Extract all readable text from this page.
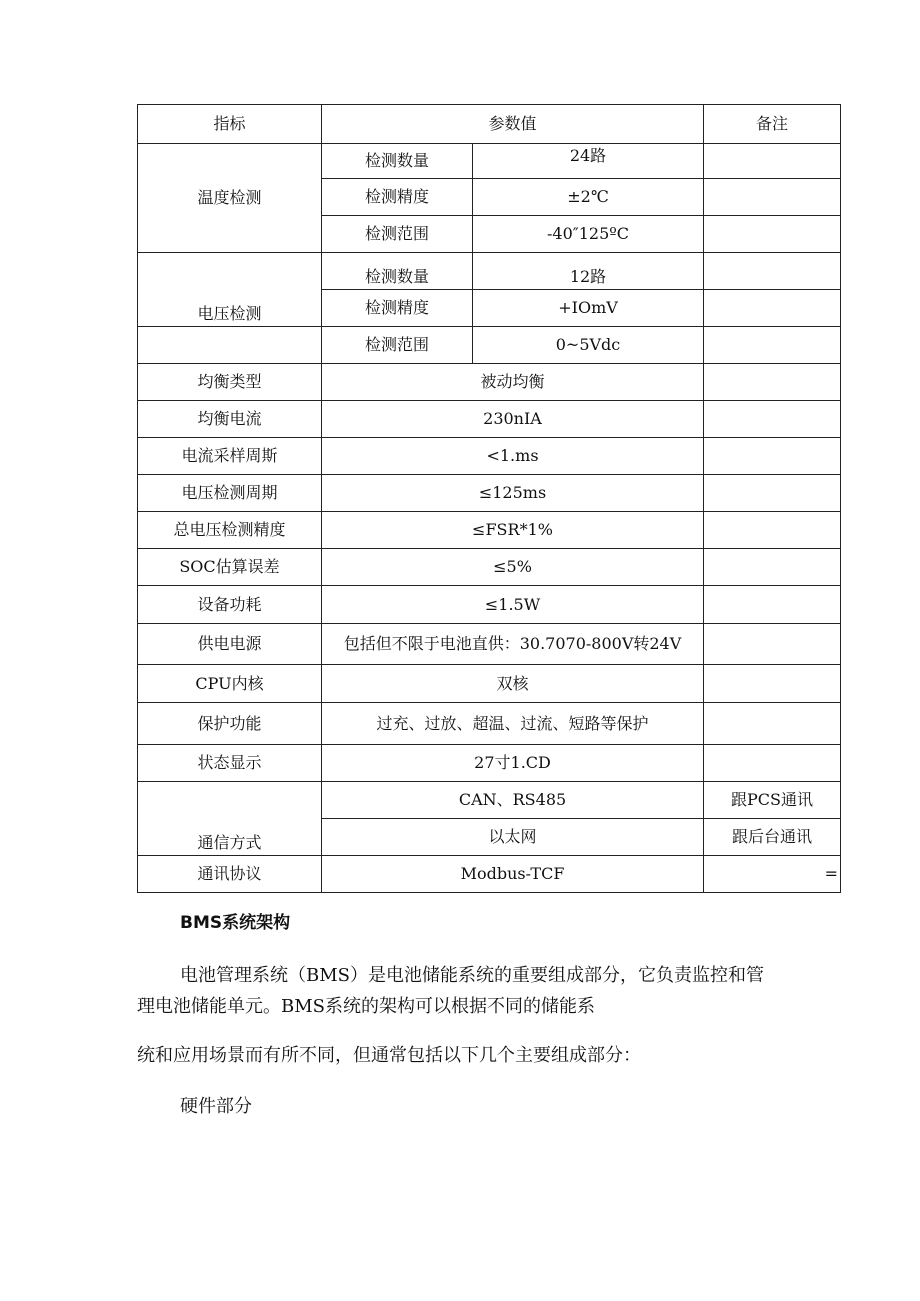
指标	参数值		备注
温度检测	检测数量	24路	
	检测精度	±2℃	
	检测范围	-40″125ºC	
电压检测	检测数量	12路	
	检测精度	+IOmV	
	检测范围	0~5Vdc	
均衡类型	被动均衡		
均衡电流	230nIA		
电流采样周斯	<1.ms		
电压检测周期	≤125ms		
总电压检测精度	≤FSR*1%		
SOC估算误差	≤5%		
设备功耗	≤1.5W		
供电电源	包括但不限于电池直供：30.7070-800V转24V		
CPU内核	双核		
保护功能	过充、过放、超温、过流、短路等保护		
状态显示	27寸1.CD		
通信方式	CAN、RS485		跟PCS通讯
	以太网		跟后台通讯
通讯协议	Modbus-TCF		=
BMS系统架构

电池管理系统（BMS）是电池储能系统的重要组成部分，它负责监控和管
理电池储能单元。BMS系统的架构可以根据不同的储能系

统和应用场景而有所不同，但通常包括以下几个主要组成部分：

硬件部分
